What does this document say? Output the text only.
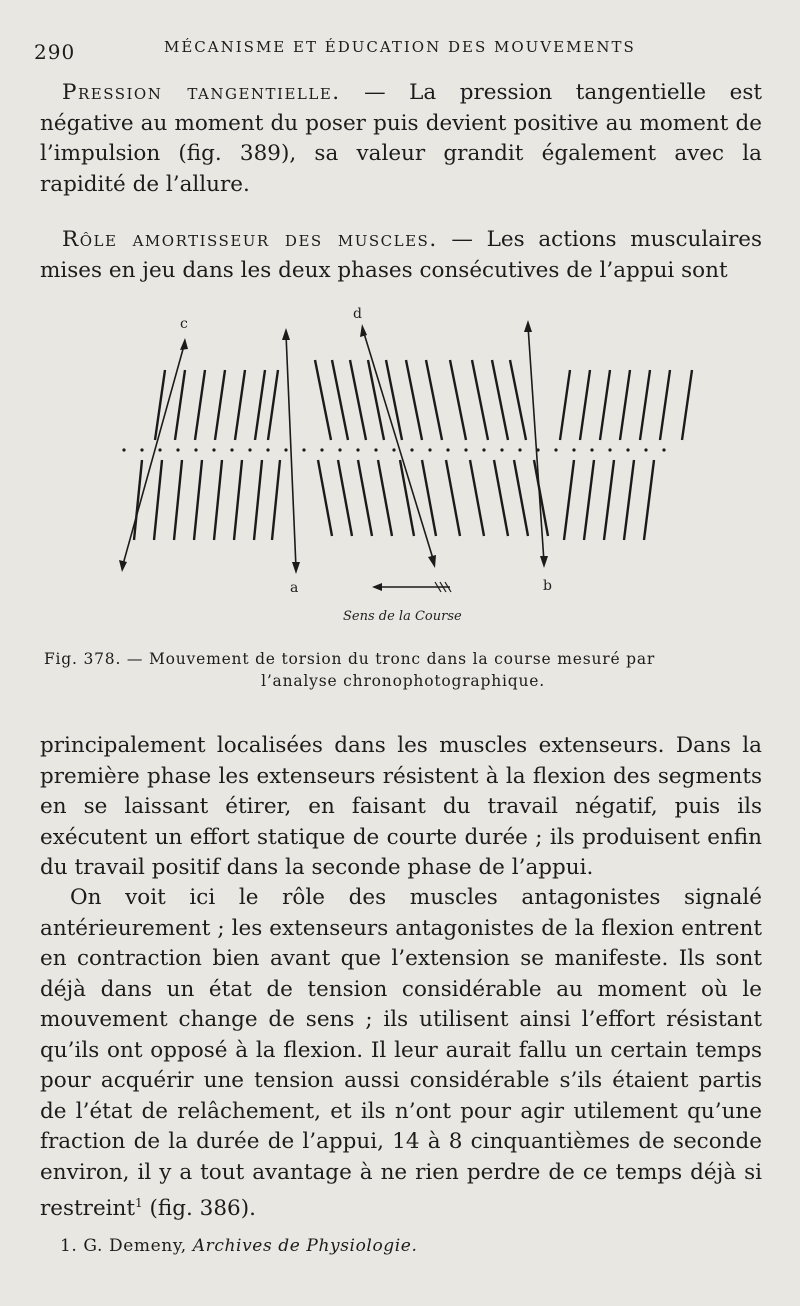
290	MÉCANISME ET ÉDUCATION DES MOUVEMENTS

Pression tangentielle. — La pression tangentielle est négative au moment du poser puis devient positive au moment de l’impulsion (fig. 389), sa valeur grandit également avec la rapidité de l’allure.

Rôle amortisseur des muscles. — Les actions musculaires mises en jeu dans les deux phases consécutives de l’appui sont

c
a
d
b
Sens de la Course
Fig. 378. — Mouvement de torsion du tronc dans la course mesuré par
l’analyse chronophotographique.

principalement localisées dans les muscles extenseurs. Dans la première phase les extenseurs résistent à la flexion des segments en se laissant étirer, en faisant du travail négatif, puis ils exécutent un effort statique de courte durée ; ils produisent enfin du travail positif dans la seconde phase de l’appui.

On voit ici le rôle des muscles antagonistes signalé antérieurement ; les extenseurs antagonistes de la flexion entrent en contraction bien avant que l’extension se manifeste. Ils sont déjà dans un état de tension considérable au moment où le mouvement change de sens ; ils utilisent ainsi l’effort résistant qu’ils ont opposé à la flexion. Il leur aurait fallu un certain temps pour acquérir une tension aussi considérable s’ils étaient partis de l’état de relâchement, et ils n’ont pour agir utilement qu’une fraction de la durée de l’appui, 14 à 8 cinquantièmes de seconde environ, il y a tout avantage à ne rien perdre de ce temps déjà si restreint$^1$ (fig. 386).

1. G. Demeny, Archives de Physiologie.
